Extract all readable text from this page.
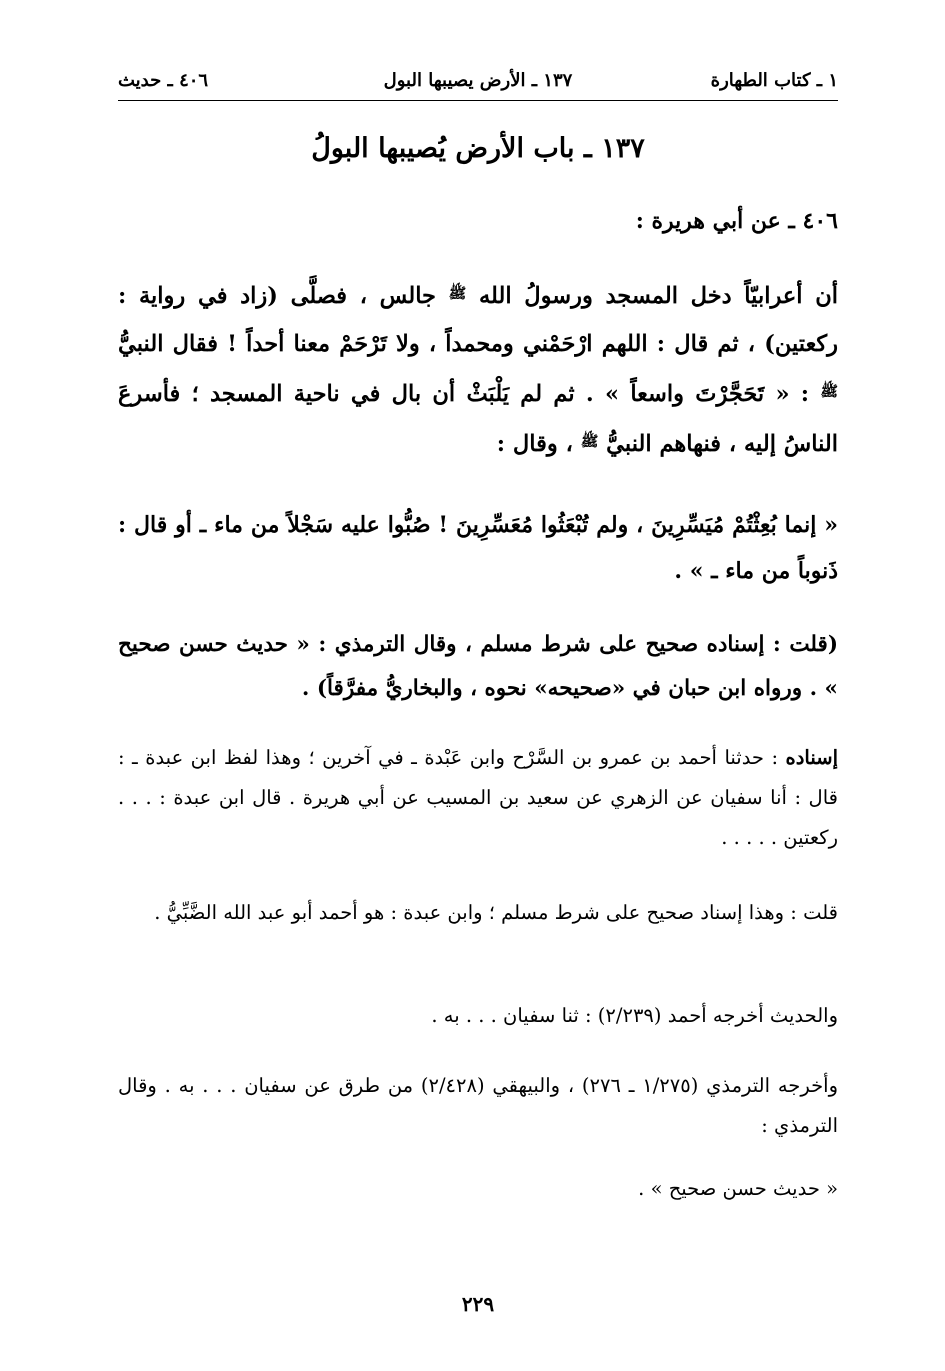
١ ـ كتاب الطهارة
١٣٧ ـ الأرض يصيبها البول
٤٠٦ ـ حديث
١٣٧ ـ باب الأرض يُصيبها البولُ
٤٠٦ ـ عن أبي هريرة :
أن أعرابيّاً دخل المسجد ورسولُ الله $^ﷺ$ جالس ، فصلَّى (زاد في رواية : ركعتين) ، ثم قال : اللهم ارْحَمْني ومحمداً ، ولا تَرْحَمْ معنا أحداً ! فقال النبيُّ $^ﷺ$ : « تَحَجَّرْتَ واسعاً » . ثم لم يَلْبَثْ أن بال في ناحية المسجد ؛ فأسرعَ الناسُ إليه ، فنهاهم النبيُّ $^ﷺ$ ، وقال :
« إنما بُعِثْتُمْ مُيَسِّرِينَ ، ولم تُبْعَثُوا مُعَسِّرِينَ ! صُبُّوا عليه سَجْلاً من ماء ـ أو قال : ذَنوباً من ماء ـ » .
(قلت : إسناده صحيح على شرط مسلم ، وقال الترمذي : « حديث حسن صحيح » . ورواه ابن حبان في «صحيحه» نحوه ، والبخاريُّ مفرَّقاً) .
إسناده : حدثنا أحمد بن عمرو بن السَّرْح وابن عَبْدة ـ في آخرين ؛ وهذا لفظ ابن عبدة ـ : قال : أنا سفيان عن الزهري عن سعيد بن المسيب عن أبي هريرة . قال ابن عبدة : . . . ركعتين . . . . .
قلت : وهذا إسناد صحيح على شرط مسلم ؛ وابن عبدة : هو أحمد أبو عبد الله الضَّبِّيُّ .
والحديث أخرجه أحمد (٢/٢٣٩) : ثنا سفيان . . . به .
وأخرجه الترمذي (١/٢٧٥ ـ ٢٧٦) ، والبيهقي (٢/٤٢٨) من طرق عن سفيان . . . به . وقال الترمذي :
« حديث حسن صحيح » .
٢٢٩
